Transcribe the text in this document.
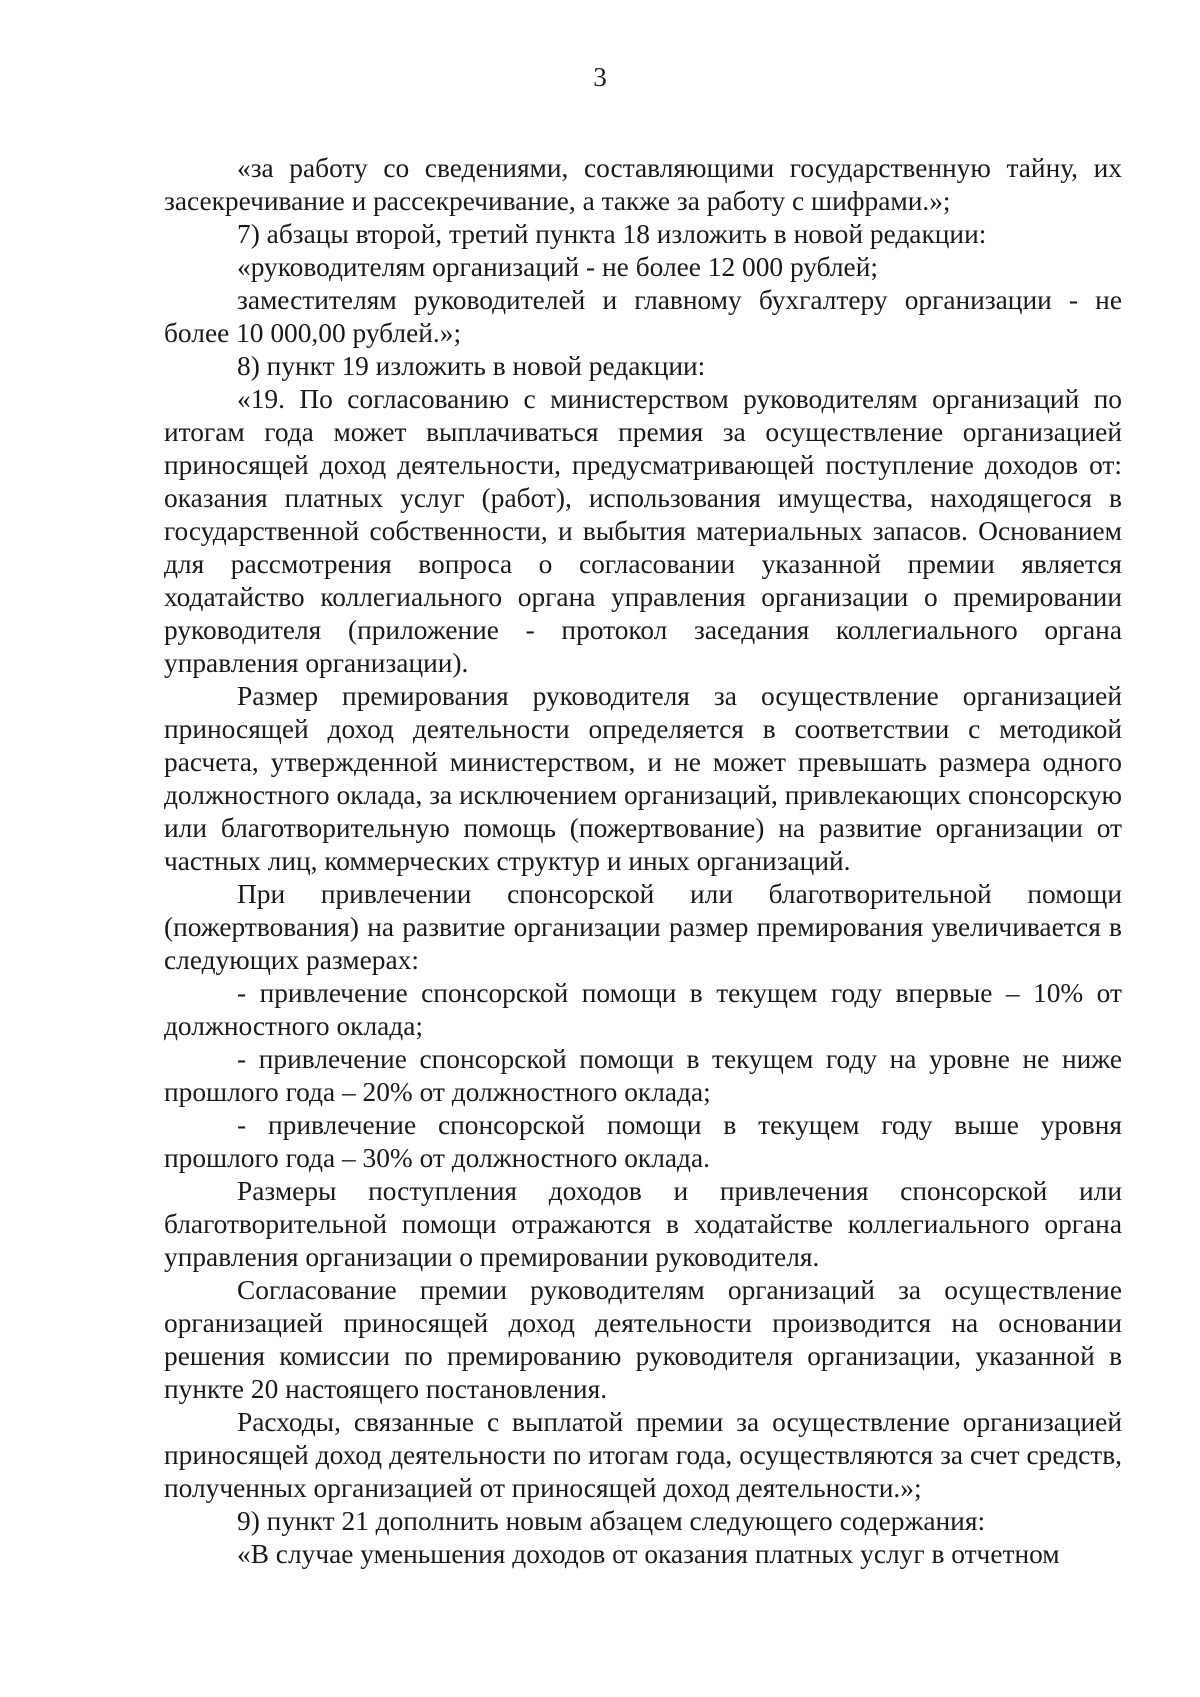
3

«за работу со сведениями, составляющими государственную тайну, их засекречивание и рассекречивание, а также за работу с шифрами.»;

7) абзацы второй, третий пункта 18 изложить в новой редакции:

«руководителям организаций - не более 12 000 рублей;

заместителям руководителей и главному бухгалтеру организации - не более 10 000,00 рублей.»;

8) пункт 19 изложить в новой редакции:

«19. По согласованию с министерством руководителям организаций по итогам года может выплачиваться премия за осуществление организацией приносящей доход деятельности, предусматривающей поступление доходов от: оказания платных услуг (работ), использования имущества, находящегося в государственной собственности, и выбытия материальных запасов. Основанием для рассмотрения вопроса о согласовании указанной премии является ходатайство коллегиального органа управления организации о премировании руководителя (приложение - протокол заседания коллегиального органа управления организации).

Размер премирования руководителя за осуществление организацией приносящей доход деятельности определяется в соответствии с методикой расчета, утвержденной министерством, и не может превышать размера одного должностного оклада, за исключением организаций, привлекающих спонсорскую или благотворительную помощь (пожертвование) на развитие организации от частных лиц, коммерческих структур и иных организаций.

При привлечении спонсорской или благотворительной помощи (пожертвования) на развитие организации размер премирования увеличивается в следующих размерах:

- привлечение спонсорской помощи в текущем году впервые – 10% от должностного оклада;

- привлечение спонсорской помощи в текущем году на уровне не ниже прошлого года – 20% от должностного оклада;

- привлечение спонсорской помощи в текущем году выше уровня прошлого года – 30% от должностного оклада.

Размеры поступления доходов и привлечения спонсорской или благотворительной помощи отражаются в ходатайстве коллегиального органа управления организации о премировании руководителя.

Согласование премии руководителям организаций за осуществление организацией приносящей доход деятельности производится на основании решения комиссии по премированию руководителя организации, указанной в пункте 20 настоящего постановления.

Расходы, связанные с выплатой премии за осуществление организацией приносящей доход деятельности по итогам года, осуществляются за счет средств, полученных организацией от приносящей доход деятельности.»;

9) пункт 21 дополнить новым абзацем следующего содержания:

«В случае уменьшения доходов от оказания платных услуг в отчетном
